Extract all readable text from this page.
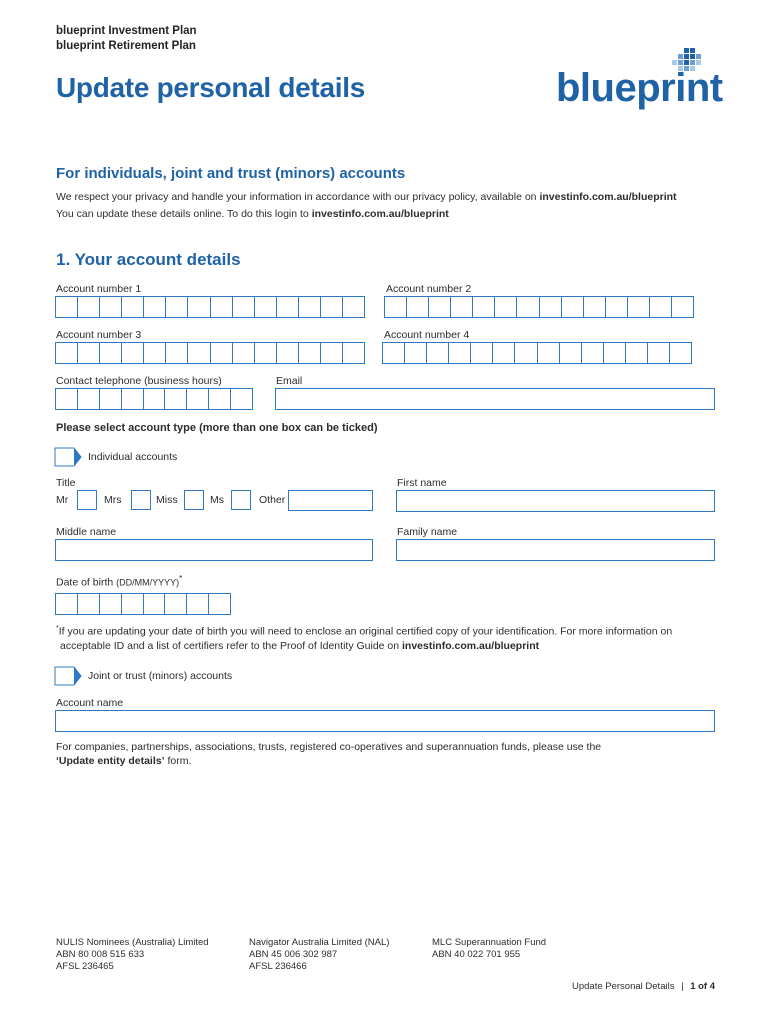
blueprint Investment Plan
blueprint Retirement Plan
Update personal details	blueprint
For individuals, joint and trust (minors) accounts
We respect your privacy and handle your information in accordance with our privacy policy, available on investinfo.com.au/blueprint
You can update these details online. To do this login to investinfo.com.au/blueprint
1. Your account details
Account number 1	Account number 2
Account number 3	Account number 4
Contact telephone (business hours)	Email
Please select account type (more than one box can be ticked)
Individual accounts
Title
Mr	Mrs	Miss	Ms	Other
First name
Middle name	Family name
Date of birth (DD/MM/YYYY)*
*If you are updating your date of birth you will need to enclose an original certified copy of your identification. For more information on
acceptable ID and a list of certifiers refer to the Proof of Identity Guide on investinfo.com.au/blueprint
Joint or trust (minors) accounts
Account name
For companies, partnerships, associations, trusts, registered co-operatives and superannuation funds, please use the
‘Update entity details’ form.
NULIS Nominees (Australia) Limited
ABN 80 008 515 633
AFSL 236465
Navigator Australia Limited (NAL)
ABN 45 006 302 987
AFSL 236466
MLC Superannuation Fund
ABN 40 022 701 955
Update Personal Details | 1 of 4
